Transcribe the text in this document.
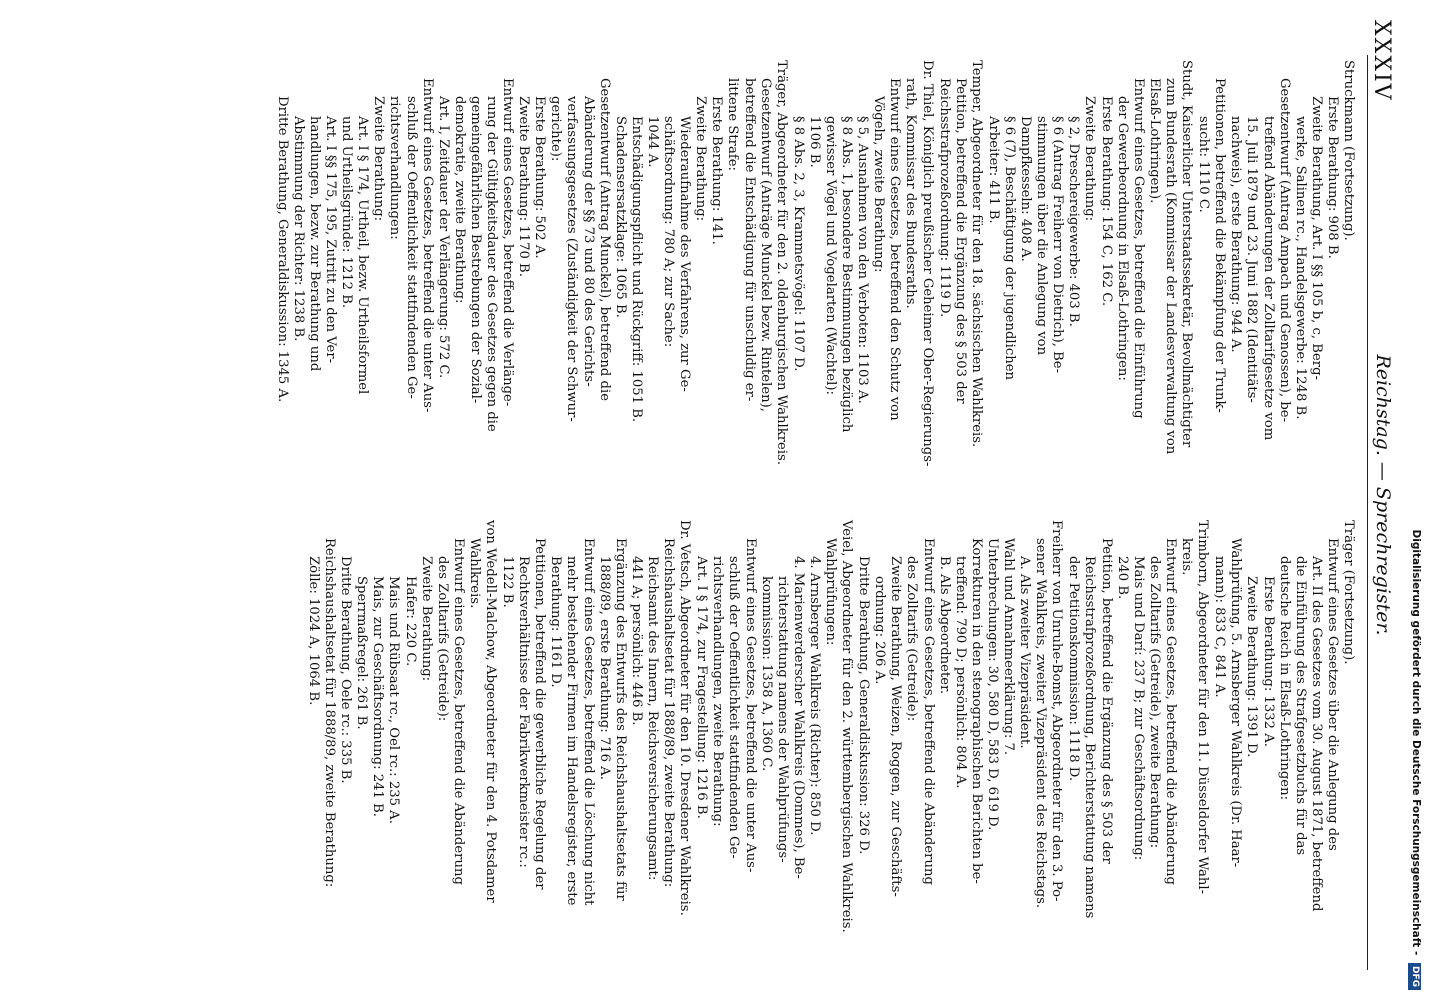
XXXIV
Reichstag. — Sprechregister.
Struckmann (Fortsetzung).
Erste Berathung: 908 B.
Zweite Berathung, Art. I §§ 105 b, c, Berg-
werke, Salinen rc., Handelsgewerbe: 1248 B.
Gesetzentwurf (Antrag Ampach und Genossen), be-
treffend Abänderungen der Zolltarifgesetze vom
15. Juli 1879 und 23. Juni 1882 (Identitäts-
nachweis), erste Berathung: 944 A.
Petitionen, betreffend die Bekämpfung der Trunk-
sucht: 1110 C.
Studt, Kaiserlicher Unterstaatssekretär, Bevollmächtigter
zum Bundesrath (Kommissar der Landesverwaltung von
Elsaß-Lothringen).
Entwurf eines Gesetzes, betreffend die Einführung
der Gewerbeordnung in Elsaß-Lothringen:
Erste Berathung: 154 C, 162 C.
Zweite Berathung:
§ 2, Dreschereigewerbe: 403 B.
§ 6 (Antrag Freiherr von Dietrich), Be-
stimmungen über die Anlegung von
Dampfkesseln: 408 A.
§ 6 (7), Beschäftigung der jugendlichen
Arbeiter: 411 B.
Temper, Abgeordneter für den 18. sächsischen Wahlkreis.
Petition, betreffend die Ergänzung des § 503 der
Reichsstrafprozeßordnung: 1119 D.
Dr. Thiel, Königlich preußischer Geheimer Ober-Regierungs-
rath, Kommissar des Bundesraths.
Entwurf eines Gesetzes, betreffend den Schutz von
Vögeln, zweite Berathung:
§ 5, Ausnahmen von den Verboten: 1103 A.
§ 8 Abs. 1, besondere Bestimmungen bezüglich
gewisser Vögel und Vogelarten (Wachtel):
1106 B.
§ 8 Abs. 2, 3, Krammetsvögel: 1107 D.
Träger, Abgeordneter für den 2. oldenburgischen Wahlkreis.
Gesetzentwurf (Anträge Munckel bezw. Rintelen),
betreffend die Entschädigung für unschuldig er-
littene Strafe:
Erste Berathung: 141.
Zweite Berathung:
Wiederaufnahme des Verfahrens, zur Ge-
schäftsordnung: 780 A; zur Sache:
1044 A.
Entschädigungspflicht und Rückgriff: 1051 B.
Schadensersatzklage: 1065 B.
Gesetzentwurf (Antrag Munckel), betreffend die
Abänderung der §§ 73 und 80 des Gerichts-
verfassungsgesetzes (Zuständigkeit der Schwur-
gerichte):
Erste Berathung: 502 A.
Zweite Berathung: 1170 B.
Entwurf eines Gesetzes, betreffend die Verlänge-
rung der Gültigkeitsdauer des Gesetzes gegen die
gemeingefährlichen Bestrebungen der Sozial-
demokratie, zweite Berathung:
Art. I, Zeitdauer der Verlängerung: 572 C.
Entwurf eines Gesetzes, betreffend die unter Aus-
schluß der Oeffentlichkeit stattfindenden Ge-
richtsverhandlungen:
Zweite Berathung:
Art. I § 174, Urtheil, bezw. Urtheilsformel
und Urtheilsgründe: 1212 B.
Art. I §§ 175, 195, Zutritt zu den Ver-
handlungen, bezw. zur Berathung und
Abstimmung der Richter: 1238 B.
Dritte Berathung, Generaldiskussion: 1345 A.
Träger (Fortsetzung).
Entwurf eines Gesetzes über die Anlegung des
Art. II des Gesetzes vom 30. August 1871, betreffend
die Einführung des Strafgesetzbuchs für das
deutsche Reich in Elsaß-Lothringen:
Erste Berathung: 1332 A.
Zweite Berathung: 1391 D.
Wahlprüfung, 5. Arnsberger Wahlkreis (Dr. Haar-
mann): 833 C, 841 A.
Trimborn, Abgeordneter für den 11. Düsseldorfer Wahl-
kreis.
Entwurf eines Gesetzes, betreffend die Abänderung
des Zolltarifs (Getreide), zweite Berathung:
Mais und Darí: 237 B; zur Geschäftsordnung:
240 B.
Petition, betreffend die Ergänzung des § 503 der
Reichsstrafprozeßordnung, Berichterstattung namens
der Petitionskommission: 1118 D.
Freiherr von Unruhe-Bomst, Abgeordneter für den 3. Po-
sener Wahlkreis, zweiter Vizepräsident des Reichstags.
A. Als zweiter Vizepräsident.
Wahl und Annahmeerklärung: 7.
Unterbrechungen: 30, 580 D, 583 D, 619 D.
Korrekturen in den stenographischen Berichten be-
treffend: 790 D; persönlich: 804 A.
B. Als Abgeordneter.
Entwurf eines Gesetzes, betreffend die Abänderung
des Zolltarifs (Getreide):
Zweite Berathung, Weizen, Roggen, zur Geschäfts-
ordnung: 206 A.
Dritte Berathung, Generaldiskussion: 326 D.
Veiel, Abgeordneter für den 2. württembergischen Wahlkreis.
Wahlprüfungen:
4. Arnsberger Wahlkreis (Richter): 850 D.
4. Marienwerderscher Wahlkreis (Dommes), Be-
richterstattung namens der Wahlprüfungs-
kommission: 1358 A, 1360 C.
Entwurf eines Gesetzes, betreffend die unter Aus-
schluß der Oeffentlichkeit stattfindenden Ge-
richtsverhandlungen, zweite Berathung:
Art. I § 174, zur Fragestellung: 1216 B.
Dr. Vetsch, Abgeordneter für den 10. Dresdener Wahlkreis.
Reichshaushaltsetat für 1888/89, zweite Berathung:
Reichsamt des Innern, Reichsversicherungsamt:
441 A; persönlich: 446 B.
Ergänzung des Entwurfs des Reichshaushaltsetats für
1888/89, erste Berathung: 716 A.
Entwurf eines Gesetzes, betreffend die Löschung nicht
mehr bestehender Firmen im Handelsregister, erste
Berathung: 1161 D.
Petitionen, betreffend die gewerbliche Regelung der
Rechtsverhältnisse der Fabrikwerkmeister rc.:
1122 B.
von Wedell-Malchow, Abgeordneter für den 4. Potsdamer
Wahlkreis.
Entwurf eines Gesetzes, betreffend die Abänderung
des Zolltarifs (Getreide):
Zweite Berathung:
Hafer: 220 C.
Mais und Rübsaat rc., Oel rc.: 235 A.
Mais, zur Geschäftsordnung: 241 B.
Sperrmaßregel: 261 B.
Dritte Berathung, Oele rc.: 335 B.
Reichshaushaltsetat für 1888/89, zweite Berathung:
Zölle: 1024 A, 1064 B.	Digitalisierung gefördert durch die Deutsche Forschungsgemeinschaft - DFG
